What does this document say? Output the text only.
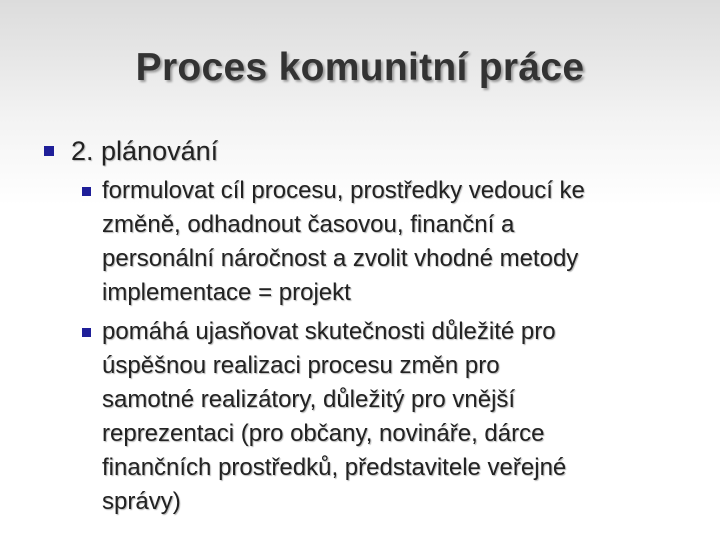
Proces komunitní práce
2. plánování
formulovat cíl procesu, prostředky vedoucí ke
změně, odhadnout časovou, finanční a
personální náročnost a zvolit vhodné metody
implementace = projekt
pomáhá ujasňovat skutečnosti důležité pro
úspěšnou realizaci procesu změn pro
samotné realizátory, důležitý pro vnější
reprezentaci (pro občany, novináře, dárce
finančních prostředků, představitele veřejné
správy)
